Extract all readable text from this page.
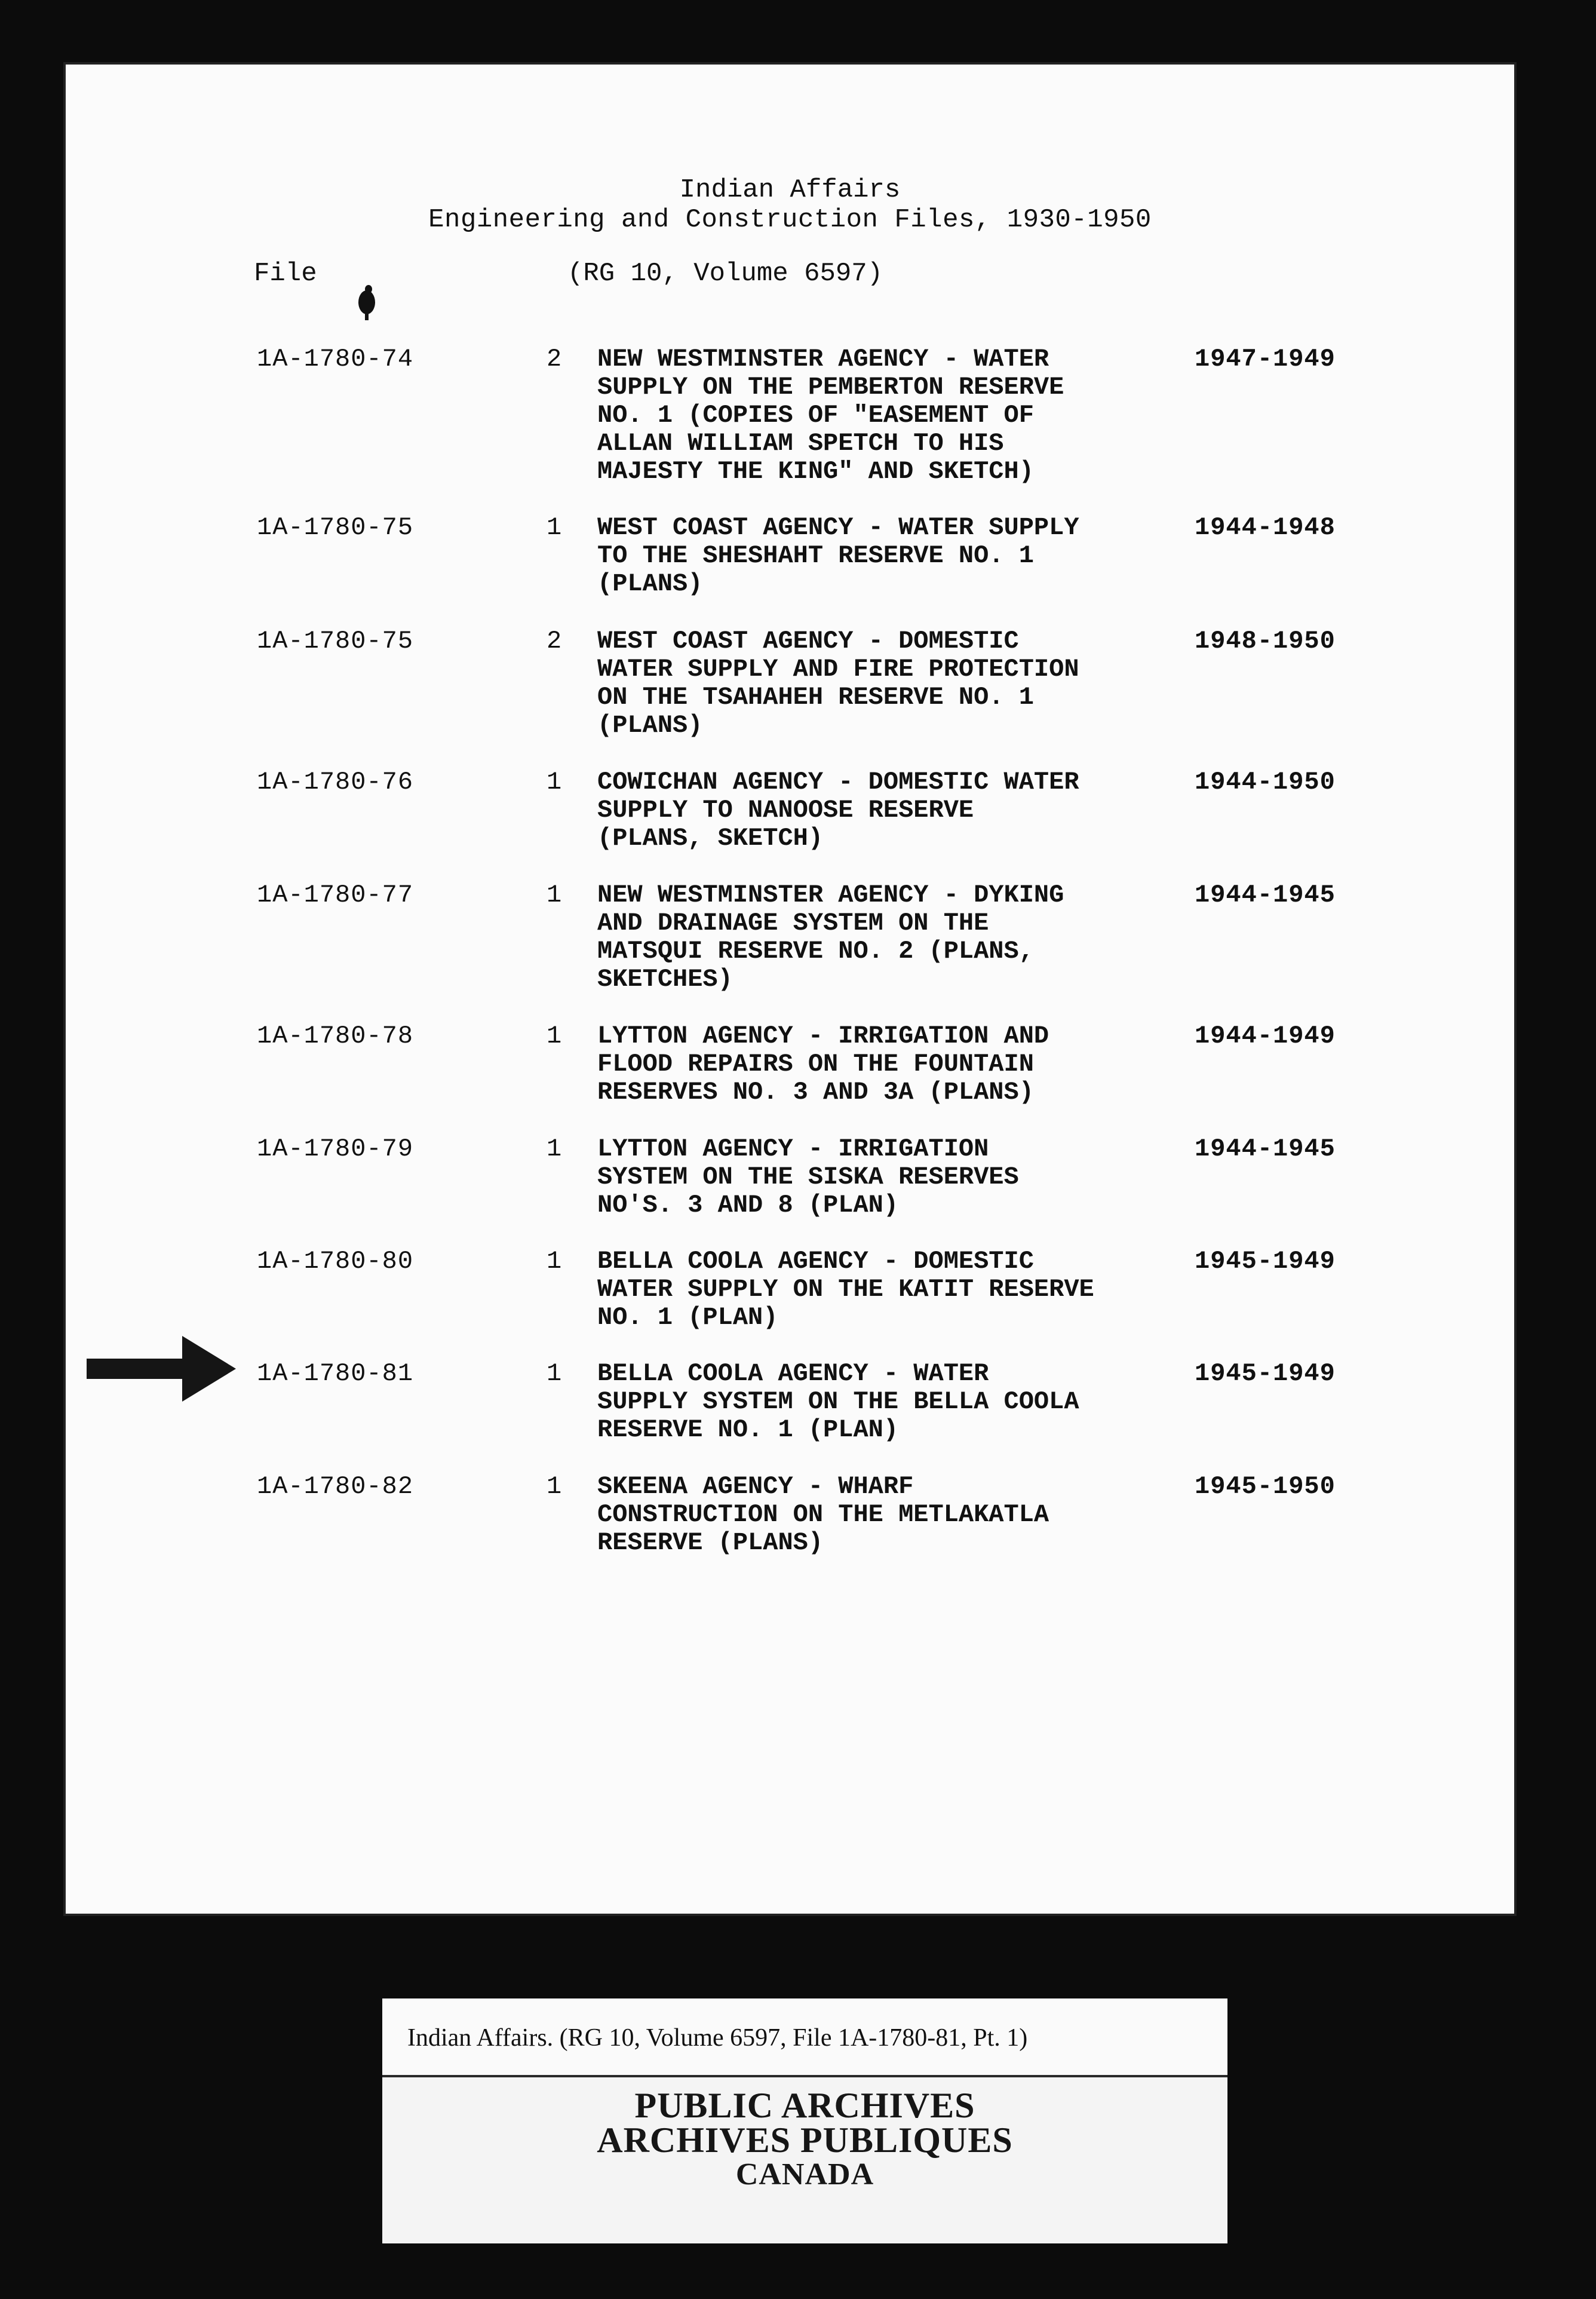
Indian Affairs
Engineering and Construction Files, 1930-1950
File	(RG 10, Volume 6597)
1A-1780-74	2 NEW WESTMINSTER AGENCY - WATER
SUPPLY ON THE PEMBERTON RESERVE
NO. 1 (COPIES OF "EASEMENT OF
ALLAN WILLIAM SPETCH TO HIS
MAJESTY THE KING" AND SKETCH)
1947-1949
1A-1780-75	1 WEST COAST AGENCY - WATER SUPPLY
TO THE SHESHAHT RESERVE NO. 1
(PLANS)
1944-1948
1A-1780-75	2 WEST COAST AGENCY - DOMESTIC
WATER SUPPLY AND FIRE PROTECTION
ON THE TSAHAHEH RESERVE NO. 1
(PLANS)
1948-1950
1A-1780-76	1 COWICHAN AGENCY - DOMESTIC WATER
SUPPLY TO NANOOSE RESERVE
(PLANS, SKETCH)
1944-1950
1A-1780-77	1 NEW WESTMINSTER AGENCY - DYKING
AND DRAINAGE SYSTEM ON THE
MATSQUI RESERVE NO. 2 (PLANS,
SKETCHES)
1944-1945
1A-1780-78	1 LYTTON AGENCY - IRRIGATION AND
FLOOD REPAIRS ON THE FOUNTAIN
RESERVES NO. 3 AND 3A (PLANS)
1944-1949
1A-1780-79	1 LYTTON AGENCY - IRRIGATION
SYSTEM ON THE SISKA RESERVES
NO'S. 3 AND 8 (PLAN)
1944-1945
1A-1780-80	1 BELLA COOLA AGENCY - DOMESTIC
WATER SUPPLY ON THE KATIT RESERVE
NO. 1 (PLAN)
1945-1949
1A-1780-81	1 BELLA COOLA AGENCY - WATER
SUPPLY SYSTEM ON THE BELLA COOLA
RESERVE NO. 1 (PLAN)
1945-1949
1A-1780-82	1 SKEENA AGENCY - WHARF
CONSTRUCTION ON THE METLAKATLA
RESERVE (PLANS)
1945-1950
Indian Affairs. (RG 10, Volume 6597, File 1A-1780-81, Pt. 1)
PUBLIC ARCHIVES
ARCHIVES PUBLIQUES
CANADA
